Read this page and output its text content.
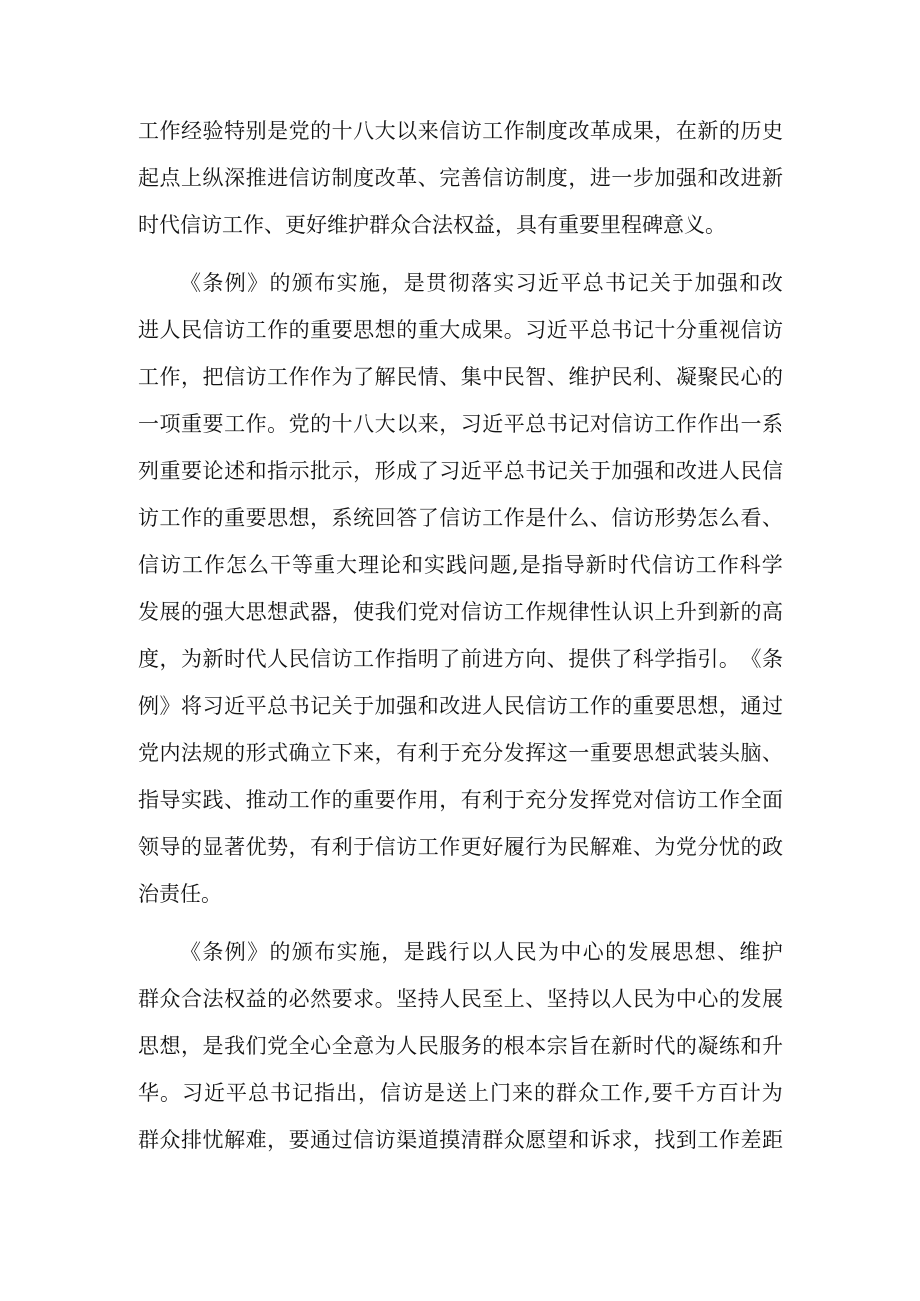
工 作 经 验 特 别 是 党 的 十 八 大 以 来 信 访 工 作 制 度 改 革 成 果 ， 在 新 的 历 史
起 点 上 纵 深 推 进 信 访 制 度 改 革 、 完 善 信 访 制 度 ， 进 一 步 加 强 和 改 进 新
时代信访工作、更好维护群众合法权益，具有重要里程碑意义。
《 条 例 》 的 颁 布 实 施 ， 是 贯 彻 落 实 习 近 平 总 书 记 关 于 加 强 和 改
进 人 民 信 访 工 作 的 重 要 思 想 的 重 大 成 果 。 习 近 平 总 书 记 十 分 重 视 信 访
工 作 ， 把 信 访 工 作 作 为 了 解 民 情 、 集 中 民 智 、 维 护 民 利 、 凝 聚 民 心 的
一 项 重 要 工 作 。 党 的 十 八 大 以 来 ， 习 近 平 总 书 记 对 信 访 工 作 作 出 一 系
列 重 要 论 述 和 指 示 批 示 ， 形 成 了 习 近 平 总 书 记 关 于 加 强 和 改 进 人 民 信
访 工 作 的 重 要 思 想 ， 系 统 回 答 了 信 访 工 作 是 什 么 、 信 访 形 势 怎 么 看 、
信 访 工 作 怎 么 干 等 重 大 理 论 和 实 践 问 题 , 是 指 导 新 时 代 信 访 工 作 科 学
发 展 的 强 大 思 想 武 器 ， 使 我 们 党 对 信 访 工 作 规 律 性 认 识 上 升 到 新 的 高
度 ， 为 新 时 代 人 民 信 访 工 作 指 明 了 前 进 方 向 、 提 供 了 科 学 指 引 。 《 条
例 》 将 习 近 平 总 书 记 关 于 加 强 和 改 进 人 民 信 访 工 作 的 重 要 思 想 ， 通 过
党 内 法 规 的 形 式 确 立 下 来 ， 有 利 于 充 分 发 挥 这 一 重 要 思 想 武 装 头 脑 、
指 导 实 践 、 推 动 工 作 的 重 要 作 用 ， 有 利 于 充 分 发 挥 党 对 信 访 工 作 全 面
领 导 的 显 著 优 势 ， 有 利 于 信 访 工 作 更 好 履 行 为 民 解 难 、 为 党 分 忧 的 政
治责任。
《 条 例 》 的 颁 布 实 施 ， 是 践 行 以 人 民 为 中 心 的 发 展 思 想 、 维 护
群 众 合 法 权 益 的 必 然 要 求 。 坚 持 人 民 至 上 、 坚 持 以 人 民 为 中 心 的 发 展
思 想 ， 是 我 们 党 全 心 全 意 为 人 民 服 务 的 根 本 宗 旨 在 新 时 代 的 凝 练 和 升
华 。 习 近 平 总 书 记 指 出 ， 信 访 是 送 上 门 来 的 群 众 工 作 , 要 千 方 百 计 为
群 众 排 忧 解 难 ， 要 通 过 信 访 渠 道 摸 清 群 众 愿 望 和 诉 求 ， 找 到 工 作 差 距
